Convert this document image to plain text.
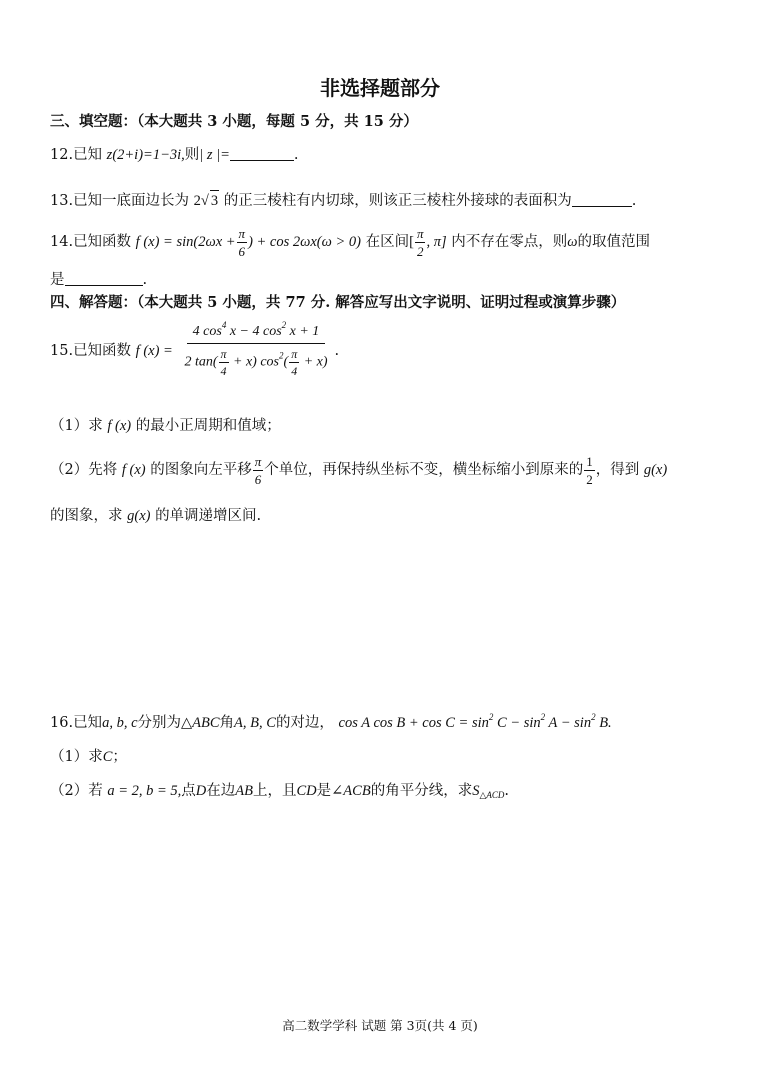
非选择题部分
三、填空题：（本大题共 3 小题，每题 5 分，共 15 分）
12.已知 z(2+i)=1−3i,则| z |=	.
13.已知一底面边长为 2√ 3 的正三棱柱有内切球，则该正三棱柱外接球的表面积为	.
14.已知函数 f $(x) = \sin(2\omega x + \frac{\pi}{6}$ ) + cos 2ωx(ω > 0) 在区间[ $\frac{\pi}{2}$ , π] 内不存在零点，则ω的取值范围
是	.
四、解答题：（本大题共 5 小题，共 77 分. 解答应写出文字说明、证明过程或演算步骤）
15.已知函数 f $(x) = \frac{4 \cos^4 x - 4 \cos^2 x + 1}{2 \tan( \frac{\pi}{4} + x) \cos^2( \frac{\pi}{4} + x)}$ .
（1）求 f (x) 的最小正周期和值域；
（2）先将 f (x) 的图象向左平移 $\frac{\pi}{6}$ 个单位，再保持纵坐标不变，横坐标缩小到原来的 $\frac{1}{2}$ ，得到 g(x)
的图象，求 g(x) 的单调递增区间.
16.已知a, b, c分别为△ABC角A, B, C的对边， cos A $\cos B + \cos C = \sin^2 C - \sin^2 A - \sin^2 B$.
（1）求C；
（2）若 a = 2, b = 5,点D在边AB上，且CD是∠ACB的角平分线，求$S_{\triangle ACD}$.
高二数学学科 试题 第 3页(共 4 页)
